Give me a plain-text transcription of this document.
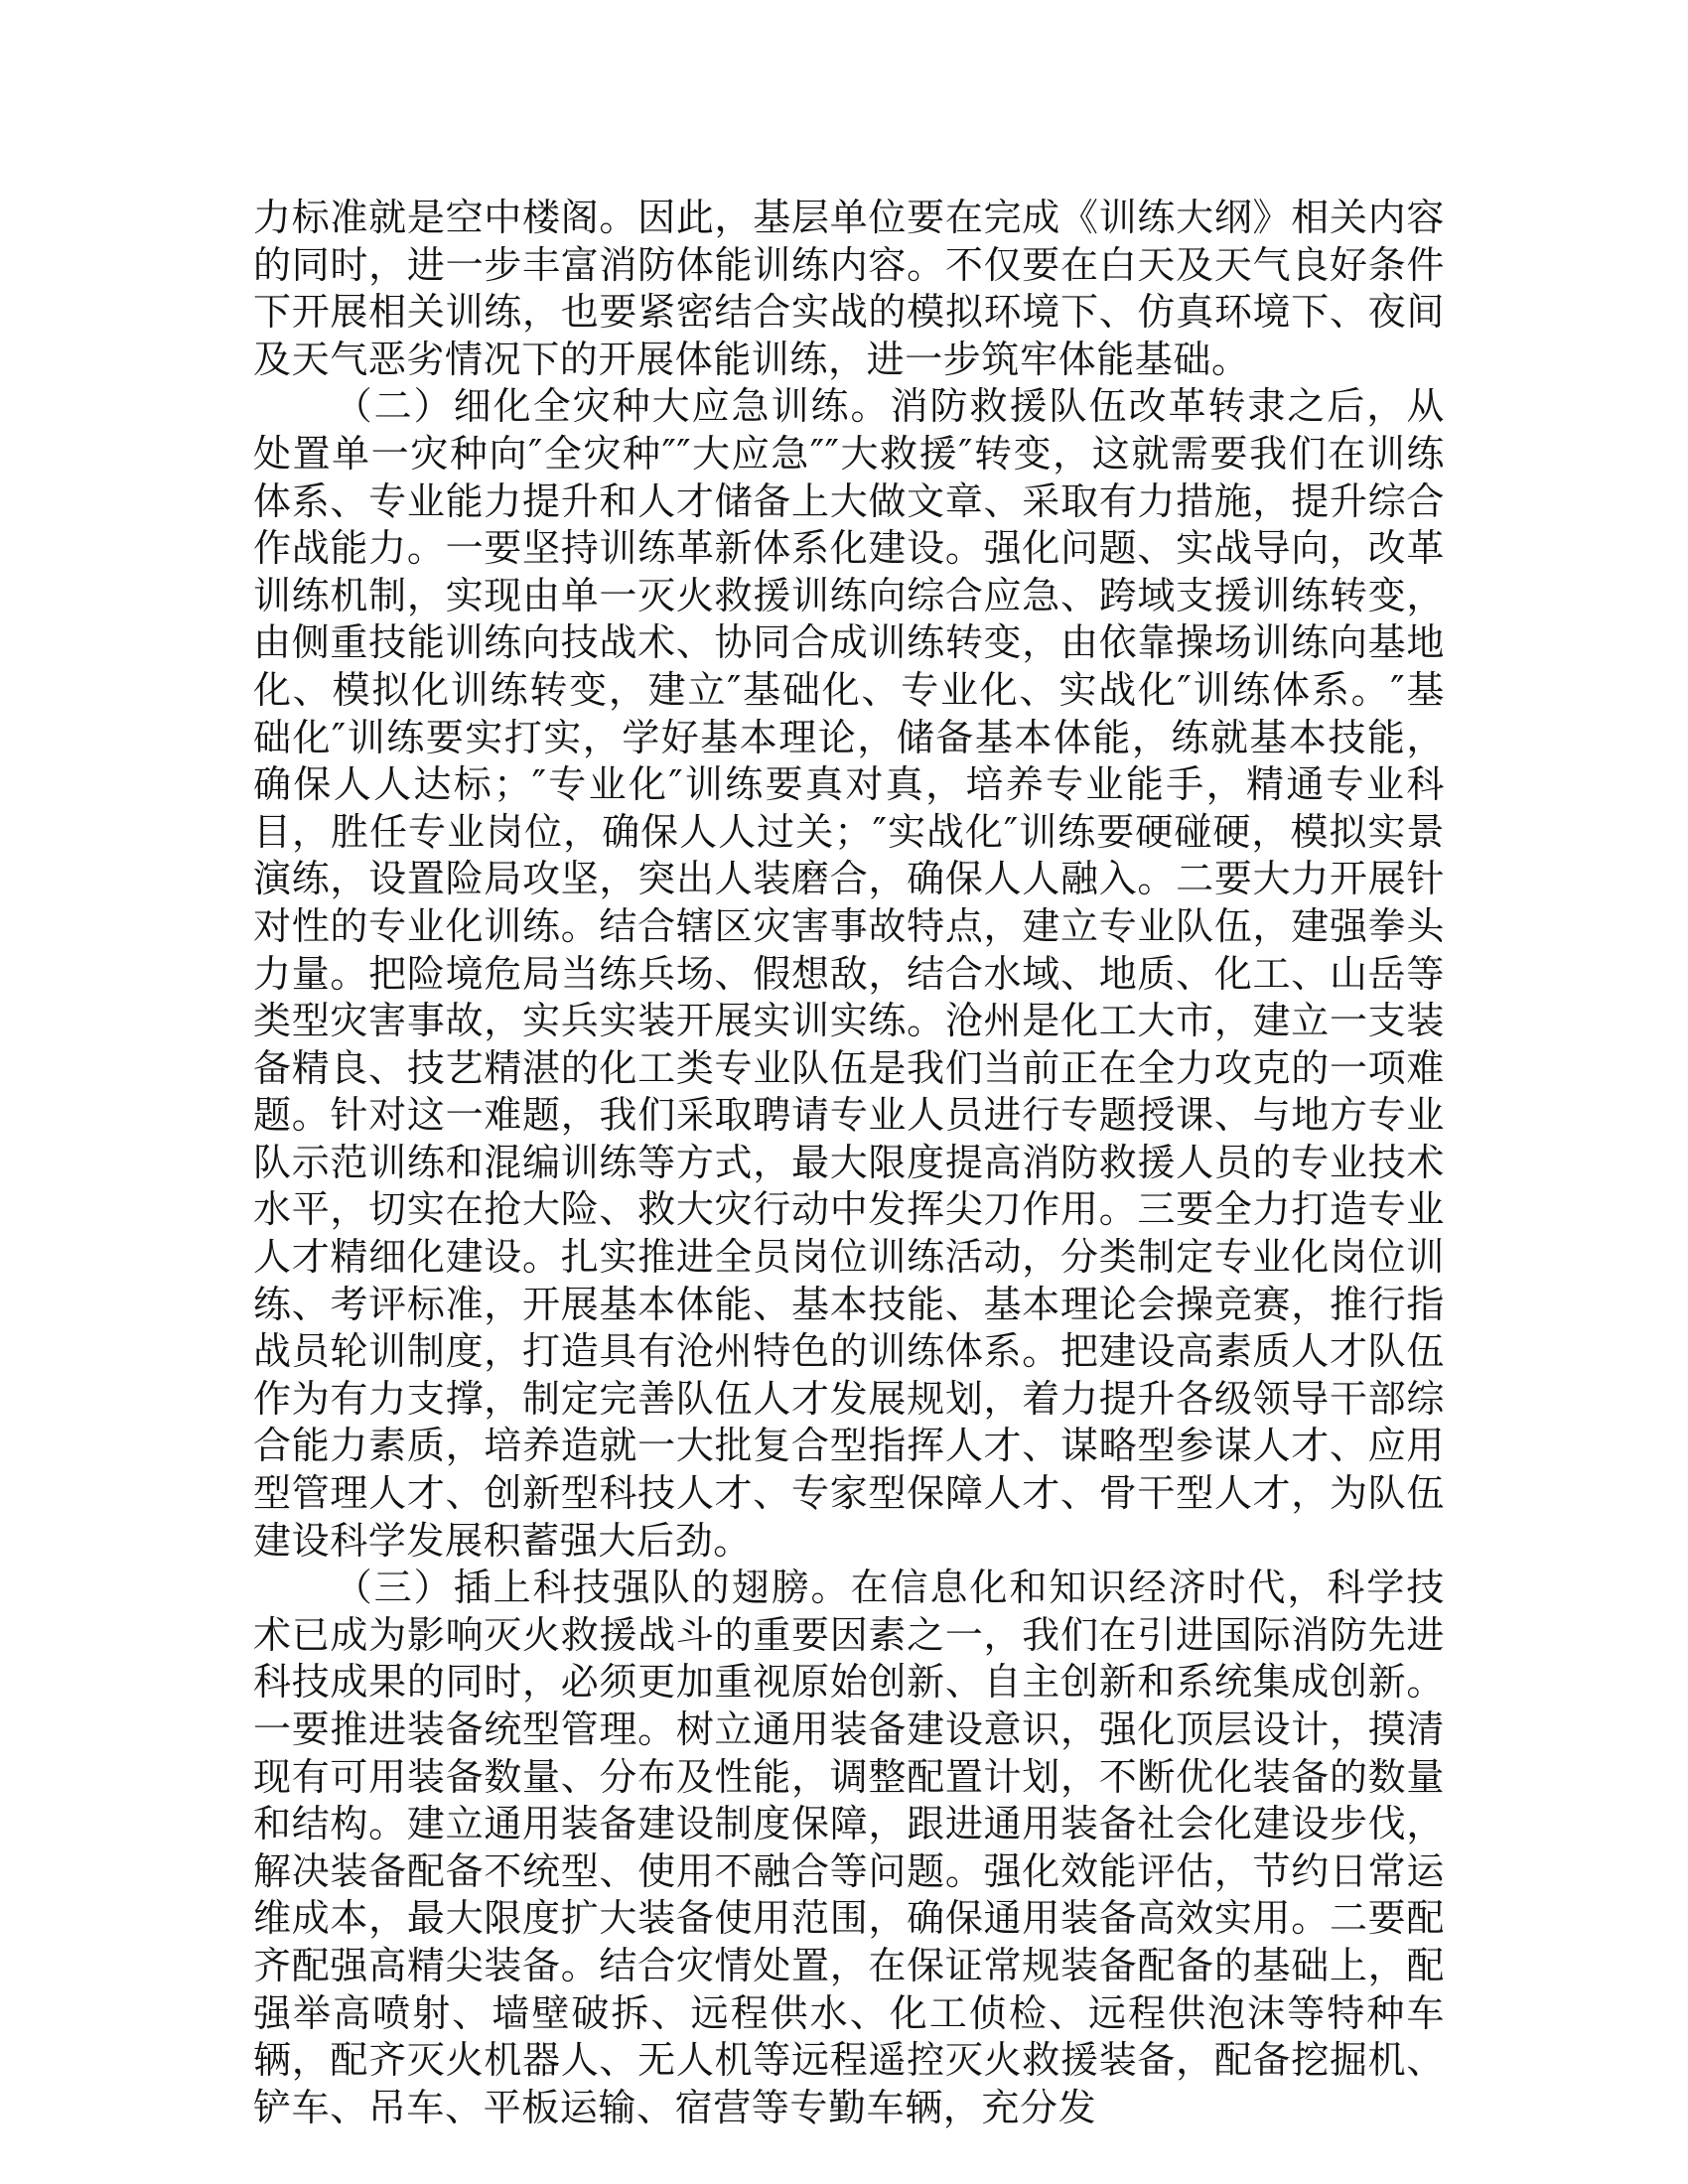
力标准就是空中楼阁。因此，基层单位要在完成《训练大纲》相关内容的同时，进一步丰富消防体能训练内容。不仅要在白天及天气良好条件下开展相关训练，也要紧密结合实战的模拟环境下、仿真环境下、夜间及天气恶劣情况下的开展体能训练，进一步筑牢体能基础。

（二）细化全灾种大应急训练。消防救援队伍改革转隶之后，从处置单一灾种向″全灾种″″大应急″″大救援″转变，这就需要我们在训练体系、专业能力提升和人才储备上大做文章、采取有力措施，提升综合作战能力。一要坚持训练革新体系化建设。强化问题、实战导向，改革训练机制，实现由单一灭火救援训练向综合应急、跨域支援训练转变，由侧重技能训练向技战术、协同合成训练转变，由依靠操场训练向基地化、模拟化训练转变，建立″基础化、专业化、实战化″训练体系。″基础化″训练要实打实，学好基本理论，储备基本体能，练就基本技能，确保人人达标；″专业化″训练要真对真，培养专业能手，精通专业科目，胜任专业岗位，确保人人过关；″实战化″训练要硬碰硬，模拟实景演练，设置险局攻坚，突出人装磨合，确保人人融入。二要大力开展针对性的专业化训练。结合辖区灾害事故特点，建立专业队伍，建强拳头力量。把险境危局当练兵场、假想敌，结合水域、地质、化工、山岳等类型灾害事故，实兵实装开展实训实练。沧州是化工大市，建立一支装备精良、技艺精湛的化工类专业队伍是我们当前正在全力攻克的一项难题。针对这一难题，我们采取聘请专业人员进行专题授课、与地方专业队示范训练和混编训练等方式，最大限度提高消防救援人员的专业技术水平，切实在抢大险、救大灾行动中发挥尖刀作用。三要全力打造专业人才精细化建设。扎实推进全员岗位训练活动，分类制定专业化岗位训练、考评标准，开展基本体能、基本技能、基本理论会操竞赛，推行指战员轮训制度，打造具有沧州特色的训练体系。把建设高素质人才队伍作为有力支撑，制定完善队伍人才发展规划，着力提升各级领导干部综合能力素质，培养造就一大批复合型指挥人才、谋略型参谋人才、应用型管理人才、创新型科技人才、专家型保障人才、骨干型人才，为队伍建设科学发展积蓄强大后劲。

（三）插上科技强队的翅膀。在信息化和知识经济时代，科学技术已成为影响灭火救援战斗的重要因素之一，我们在引进国际消防先进科技成果的同时，必须更加重视原始创新、自主创新和系统集成创新。一要推进装备统型管理。树立通用装备建设意识，强化顶层设计，摸清现有可用装备数量、分布及性能，调整配置计划，不断优化装备的数量和结构。建立通用装备建设制度保障，跟进通用装备社会化建设步伐，解决装备配备不统型、使用不融合等问题。强化效能评估，节约日常运维成本，最大限度扩大装备使用范围，确保通用装备高效实用。二要配齐配强高精尖装备。结合灾情处置，在保证常规装备配备的基础上，配强举高喷射、墙壁破拆、远程供水、化工侦检、远程供泡沫等特种车辆，配齐灭火机器人、无人机等远程遥控灭火救援装备，配备挖掘机、铲车、吊车、平板运输、宿营等专勤车辆，充分发
